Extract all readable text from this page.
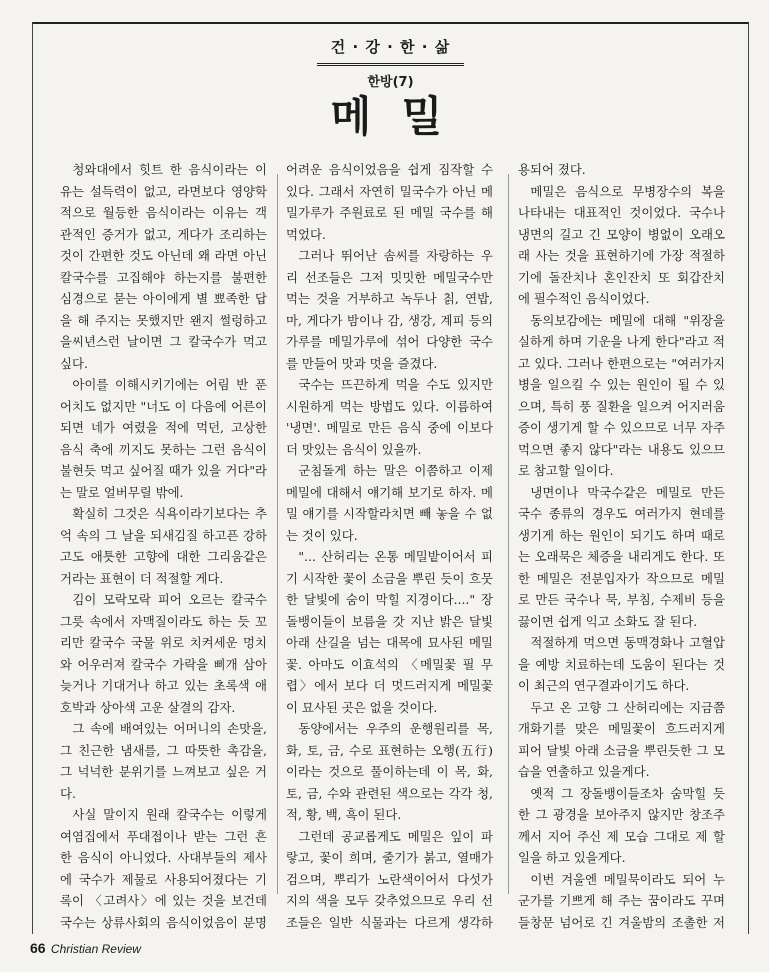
건 · 강 · 한 · 삶
한방(7)
메 밀

청와대에서 힛트 한 음식이라는 이유는 설득력이 없고, 라면보다 영양학적으로 월등한 음식이라는 이유는 객관적인 증거가 없고, 게다가 조리하는 것이 간편한 것도 아닌데 왜 라면 아닌 칼국수를 고집해야 하는지를 불편한 심경으로 묻는 아이에게 별 뾰족한 답을 해 주지는 못했지만 왠지 썰렁하고 을씨년스런 날이면 그 칼국수가 먹고 싶다.

아이를 이해시키기에는 어림 반 푼어치도 없지만 "너도 이 다음에 어른이 되면 네가 여렸을 적에 먹던, 고상한 음식 축에 끼지도 못하는 그런 음식이 불현듯 먹고 싶어질 때가 있을 거다"라는 말로 얼버무릴 밖에.

확실히 그것은 식욕이라기보다는 추억 속의 그 날을 되새김질 하고픈 강하고도 애틋한 고향에 대한 그리움같은 거라는 표현이 더 적절할 게다.

김이 모락모락 피어 오르는 칼국수 그릇 속에서 자맥질이라도 하는 듯 꼬리만 칼국수 국물 위로 치켜세운 멍치와 어우러져 칼국수 가락을 삐개 삼아 늦거나 기대거나 하고 있는 초록색 애호박과 상아색 고운 살결의 감자.

그 속에 배여있는 어머니의 손맛을, 그 친근한 냄새를, 그 따뜻한 촉감을, 그 넉넉한 분위기를 느껴보고 싶은 거다.

사실 말이지 원래 칼국수는 이렇게 여염집에서 푸대접이나 받는 그런 흔한 음식이 아니었다. 사대부들의 제사에 국수가 제물로 사용되어졌다는 기록이 〈고려사〉에 있는 것을 보건데 국수는 상류사회의 음식이었음이 분명

어려운 음식이었음을 쉽게 짐작할 수 있다. 그래서 자연히 밀국수가 아닌 메밀가루가 주원료로 된 메밀 국수를 해 먹었다.

그러나 뛰어난 솜씨를 자랑하는 우리 선조들은 그저 밋밋한 메밀국수만 먹는 것을 거부하고 녹두나 칡, 연밥, 마, 게다가 밤이나 감, 생강, 계피 등의 가루를 메밀가루에 섞어 다양한 국수를 만들어 맛과 멋을 즐겼다.

국수는 뜨끈하게 먹을 수도 있지만 시원하게 먹는 방법도 있다. 이름하여 '냉면'. 메밀로 만든 음식 중에 이보다 더 맛있는 음식이 있을까.

군침돌게 하는 말은 이쯤하고 이제 메밀에 대해서 얘기해 보기로 하자. 메밀 얘기를 시작할라치면 빼 놓을 수 없는 것이 있다.

"... 산허리는 온통 메밀밭이어서 피기 시작한 꽃이 소금을 뿌린 듯이 흐뭇한 달빛에 숨이 막힐 지경이다...." 장돌뱅이들이 보름을 갓 지난 밝은 달빛 아래 산길을 넘는 대목에 묘사된 메밀꽃. 아마도 이효석의 〈메밀꽃 필 무렵〉에서 보다 더 멋드러지게 메밀꽃이 묘사된 곳은 없을 것이다.

동양에서는 우주의 운행원리를 목, 화, 토, 금, 수로 표현하는 오행(五行)이라는 것으로 풀이하는데 이 목, 화, 토, 금, 수와 관련된 색으로는 각각 청, 적, 황, 백, 흑이 된다.

그런데 공교롭게도 메밀은 잎이 파랗고, 꽃이 희며, 줄기가 붉고, 열매가 검으며, 뿌리가 노란색이어서 다섯가지의 색을 모두 갖추었으므로 우리 선조들은 일반 식물과는 다르게 생각하

용되어 졌다.

메밀은 음식으로 무병장수의 복을 나타내는 대표적인 것이었다. 국수나 냉면의 길고 긴 모양이 병없이 오래오래 사는 것을 표현하기에 가장 적절하기에 돌잔치나 혼인잔치 또 회갑잔치에 필수적인 음식이었다.

동의보감에는 메밀에 대해 "위장을 실하게 하며 기운을 나게 한다"라고 적고 있다. 그러나 한편으로는 "여러가지 병을 일으킬 수 있는 원인이 될 수 있으며, 특히 풍 질환을 일으켜 어지러움증이 생기게 할 수 있으므로 너무 자주 먹으면 좋지 않다"라는 내용도 있으므로 참고할 일이다.

냉면이나 막국수같은 메밀로 만든 국수 종류의 경우도 여러가지 현데를 생기게 하는 원인이 되기도 하며 때로는 오래묵은 체증을 내리게도 한다. 또한 메밀은 전분입자가 작으므로 메밀로 만든 국수나 묵, 부침, 수제비 등을 끓이면 쉽게 익고 소화도 잘 된다.

적절하게 먹으면 동맥경화나 고혈압을 예방 치료하는데 도움이 된다는 것이 최근의 연구결과이기도 하다.

두고 온 고향 그 산허리에는 지금쯤 개화기를 맞은 메밀꽃이 흐드러지게 피어 달빛 아래 소금을 뿌린듯한 그 모습을 연출하고 있을게다.

옛적 그 장돌뱅이들조차 숨막힐 듯한 그 광경을 보아주지 않지만 창조주께서 지어 주신 제 모습 그대로 제 할 일을 하고 있을게다.

이번 겨울엔 메밀묵이라도 되어 누군가를 기쁘게 해 주는 꿈이라도 꾸며 들창문 넘어로 긴 겨울밤의 조촐한 저

66 Christian Review
